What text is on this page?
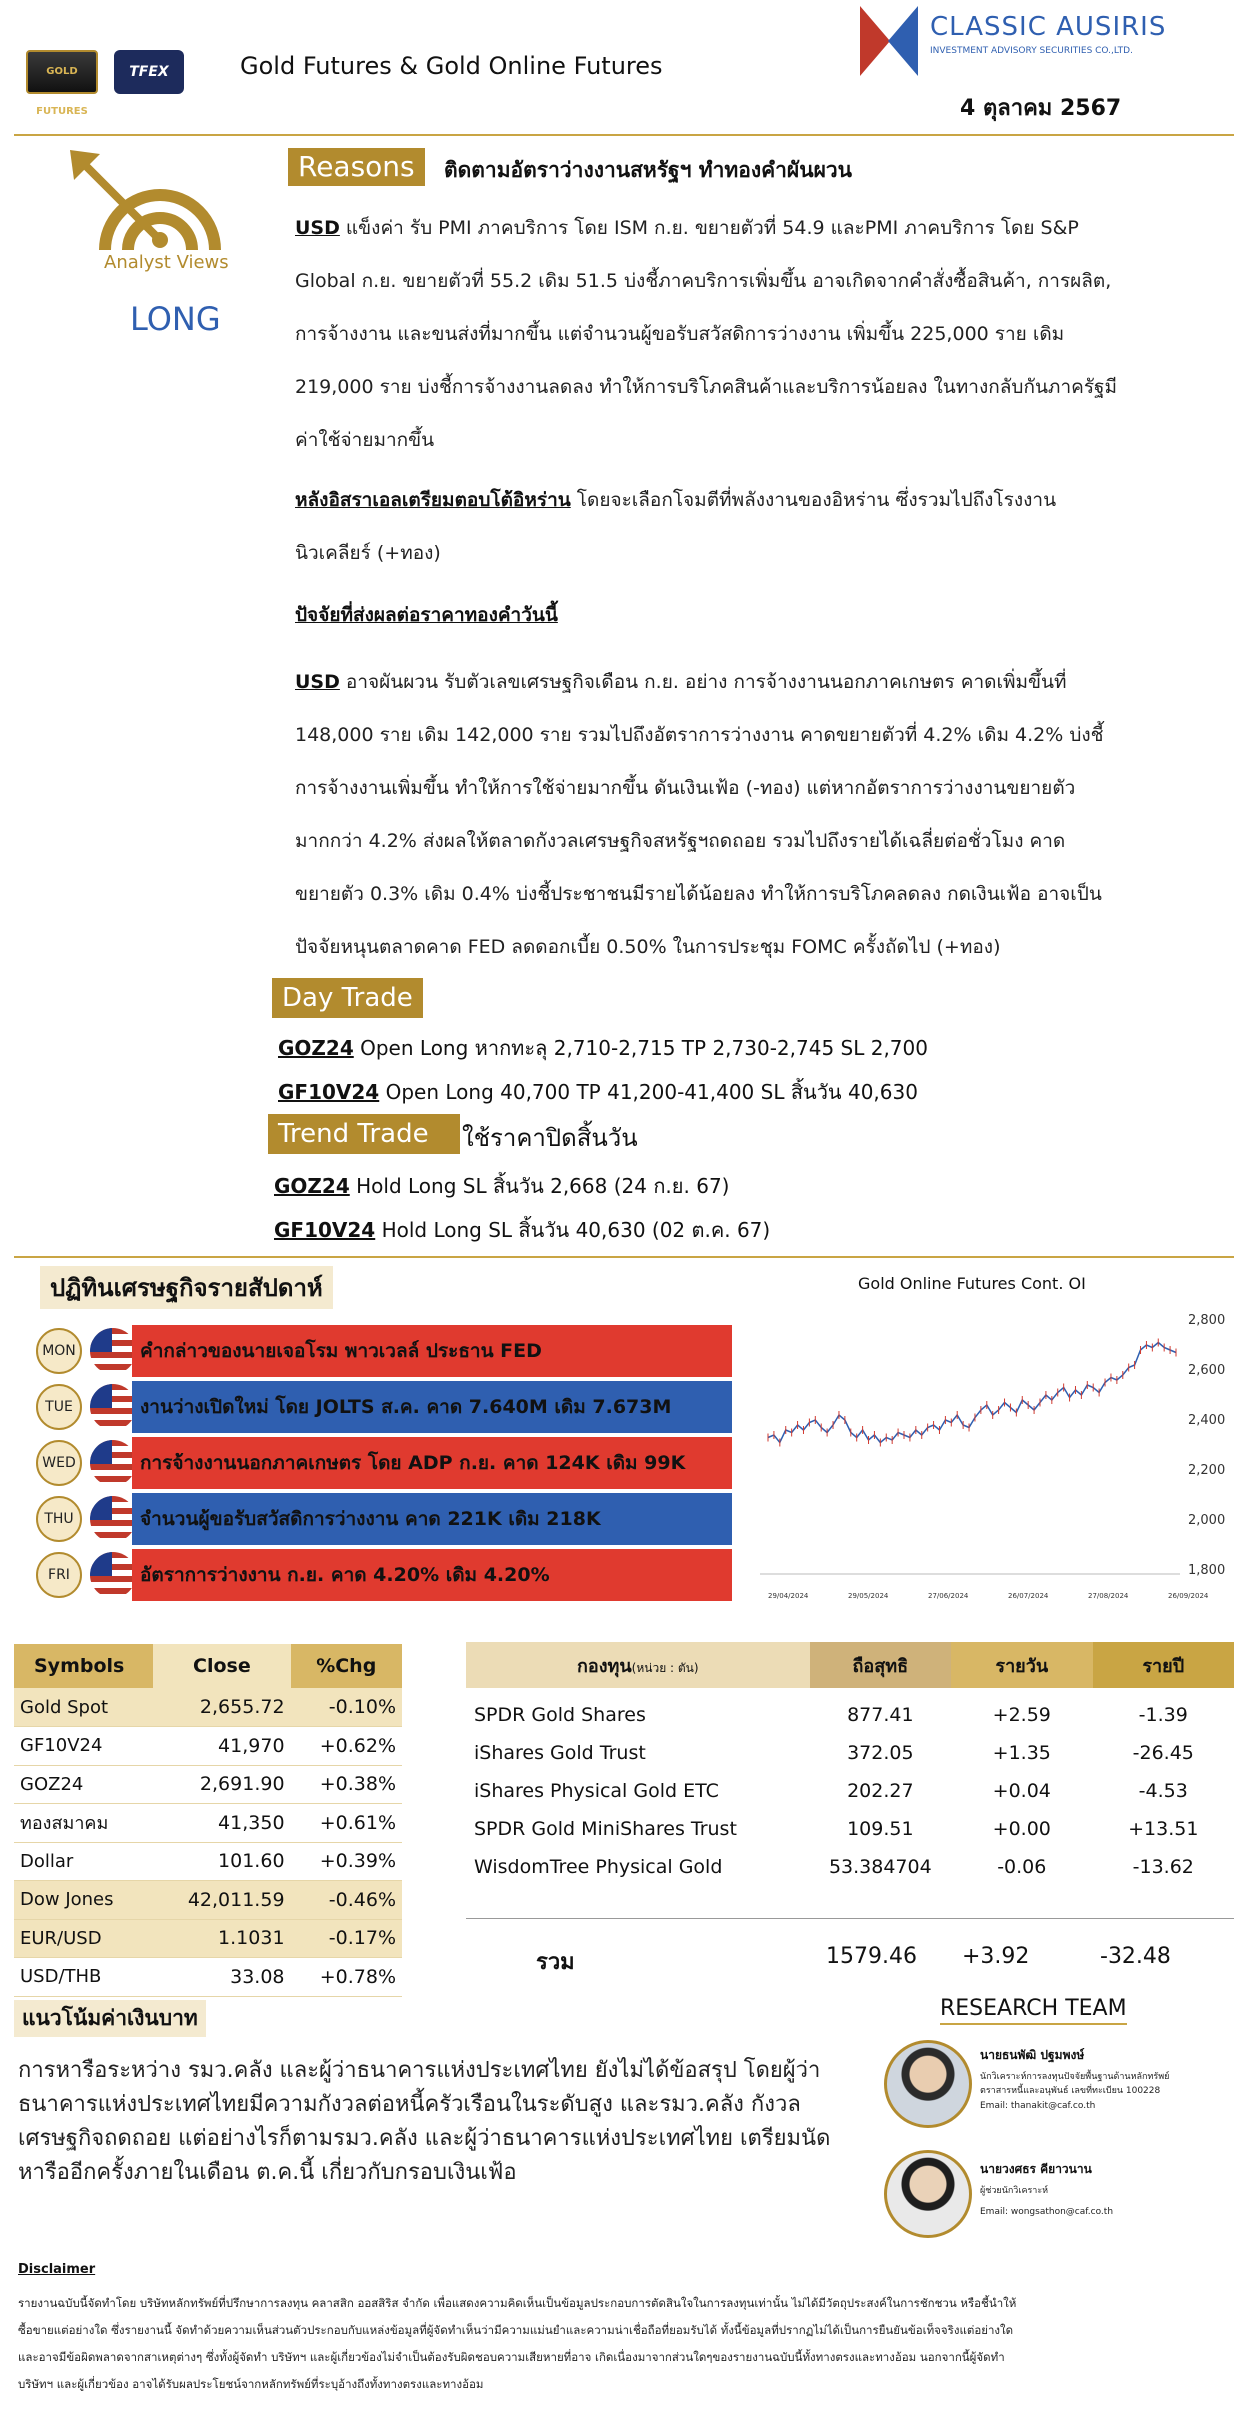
GOLD FUTURES
TFEX	Gold Futures & Gold Online Futures
CLASSIC AUSIRIS
INVESTMENT ADVISORY SECURITIES CO.,LTD.
4 ตุลาคม 2567
Analyst Views
LONG
Reasons	ติดตามอัตราว่างงานสหรัฐฯ ทำทองคำผันผวน
USD แข็งค่า รับ PMI ภาคบริการ โดย ISM ก.ย. ขยายตัวที่ 54.9 และPMI ภาคบริการ โดย S&P
Global ก.ย. ขยายตัวที่ 55.2 เดิม 51.5 บ่งชี้ภาคบริการเพิ่มขึ้น อาจเกิดจากคำสั่งซื้อสินค้า, การผลิต,
การจ้างงาน และขนส่งที่มากขึ้น แต่จำนวนผู้ขอรับสวัสดิการว่างงาน เพิ่มขึ้น 225,000 ราย เดิม
219,000 ราย บ่งชี้การจ้างงานลดลง ทำให้การบริโภคสินค้าและบริการน้อยลง ในทางกลับกันภาครัฐมี
ค่าใช้จ่ายมากขึ้น
หลังอิสราเอลเตรียมตอบโต้อิหร่าน โดยจะเลือกโจมตีที่พลังงานของอิหร่าน ซึ่งรวมไปถึงโรงงาน
นิวเคลียร์ (+ทอง)
ปัจจัยที่ส่งผลต่อราคาทองคำวันนี้
USD อาจผันผวน รับตัวเลขเศรษฐกิจเดือน ก.ย. อย่าง การจ้างงานนอกภาคเกษตร คาดเพิ่มขึ้นที่
148,000 ราย เดิม 142,000 ราย รวมไปถึงอัตราการว่างงาน คาดขยายตัวที่ 4.2% เดิม 4.2% บ่งชี้
การจ้างงานเพิ่มขึ้น ทำให้การใช้จ่ายมากขึ้น ดันเงินเฟ้อ (-ทอง) แต่หากอัตราการว่างงานขยายตัว
มากกว่า 4.2% ส่งผลให้ตลาดกังวลเศรษฐกิจสหรัฐฯถดถอย รวมไปถึงรายได้เฉลี่ยต่อชั่วโมง คาด
ขยายตัว 0.3% เดิม 0.4% บ่งชี้ประชาชนมีรายได้น้อยลง ทำให้การบริโภคลดลง กดเงินเฟ้อ อาจเป็น
ปัจจัยหนุนตลาดคาด FED ลดดอกเบี้ย 0.50% ในการประชุม FOMC ครั้งถัดไป (+ทอง)
Day Trade
GOZ24 Open Long หากทะลุ 2,710-2,715 TP 2,730-2,745 SL 2,700
GF10V24 Open Long 40,700 TP 41,200-41,400 SL สิ้นวัน 40,630
Trend Trade	ใช้ราคาปิดสิ้นวัน
GOZ24 Hold Long SL สิ้นวัน 2,668 (24 ก.ย. 67)
GF10V24 Hold Long SL สิ้นวัน 40,630 (02 ต.ค. 67)
ปฏิทินเศรษฐกิจรายสัปดาห์
MON	คำกล่าวของนายเจอโรม พาวเวลล์ ประธาน FED
TUE	งานว่างเปิดใหม่ โดย JOLTS ส.ค. คาด 7.640M เดิม 7.673M
WED	การจ้างงานนอกภาคเกษตร โดย ADP ก.ย. คาด 124K เดิม 99K
THU	จำนวนผู้ขอรับสวัสดิการว่างงาน คาด 221K เดิม 218K
FRI	อัตราการว่างงาน ก.ย. คาด 4.20% เดิม 4.20%
Gold Online Futures Cont. OI
2,800
2,600
2,400
2,200
2,000
1,800
29/04/2024	29/05/2024	27/06/2024	26/07/2024	27/08/2024	26/09/2024
Symbols	Close	%Chg
Gold Spot	2,655.72	-0.10%
GF10V24	41,970	+0.62%
GOZ24	2,691.90	+0.38%
ทองสมาคม	41,350	+0.61%
Dollar	101.60	+0.39%
Dow Jones	42,011.59	-0.46%
EUR/USD	1.1031	-0.17%
USD/THB	33.08	+0.78%
กองทุน(หน่วย : ตัน)	ถือสุทธิ	รายวัน	รายปี

SPDR Gold Shares	877.41	+2.59	-1.39
iShares Gold Trust	372.05	+1.35	-26.45
iShares Physical Gold ETC	202.27	+0.04	-4.53
SPDR Gold MiniShares Trust	109.51	+0.00	+13.51
WisdomTree Physical Gold	53.384704	-0.06	-13.62
รวม	1579.46 +3.92	-32.48
แนวโน้มค่าเงินบาท
การหารือระหว่าง รมว.คลัง และผู้ว่าธนาคารแห่งประเทศไทย ยังไม่ได้ข้อสรุป โดยผู้ว่า
ธนาคารแห่งประเทศไทยมีความกังวลต่อหนี้ครัวเรือนในระดับสูง และรมว.คลัง กังวล
เศรษฐกิจถดถอย แต่อย่างไรก็ตามรมว.คลัง และผู้ว่าธนาคารแห่งประเทศไทย เตรียมนัด
หารืออีกครั้งภายในเดือน ต.ค.นี้ เกี่ยวกับกรอบเงินเฟ้อ
RESEARCH TEAM
นายธนพัฒิ ปฐมพงษ์
นักวิเคราะห์การลงทุนปัจจัยพื้นฐานด้านหลักทรัพย์
ตราสารหนี้และอนุพันธ์ เลขที่ทะเบียน 100228
Email: thanakit@caf.co.th
นายวงศธร คียาวนาน
ผู้ช่วยนักวิเคราะห์
Email: wongsathon@caf.co.th
Disclaimer
รายงานฉบับนี้จัดทำโดย บริษัทหลักทรัพย์ที่ปรึกษาการลงทุน คลาสสิก ออสสิริส จำกัด เพื่อแสดงความคิดเห็นเป็นข้อมูลประกอบการตัดสินใจในการลงทุนเท่านั้น ไม่ได้มีวัตถุประสงค์ในการชักชวน หรือชี้นำให้
ซื้อขายแต่อย่างใด ซึ่งรายงานนี้ จัดทำด้วยความเห็นส่วนตัวประกอบกับแหล่งข้อมูลที่ผู้จัดทำเห็นว่ามีความแม่นยำและความน่าเชื่อถือที่ยอมรับได้ ทั้งนี้ข้อมูลที่ปรากฏไม่ได้เป็นการยืนยันข้อเท็จจริงแต่อย่างใด
และอาจมีข้อผิดพลาดจากสาเหตุต่างๆ ซึ่งทั้งผู้จัดทำ บริษัทฯ และผู้เกี่ยวข้องไม่จำเป็นต้องรับผิดชอบความเสียหายที่อาจ เกิดเนื่องมาจากส่วนใดๆของรายงานฉบับนี้ทั้งทางตรงและทางอ้อม นอกจากนี้ผู้จัดทำ
บริษัทฯ และผู้เกี่ยวข้อง อาจได้รับผลประโยชน์จากหลักทรัพย์ที่ระบุอ้างถึงทั้งทางตรงและทางอ้อม
